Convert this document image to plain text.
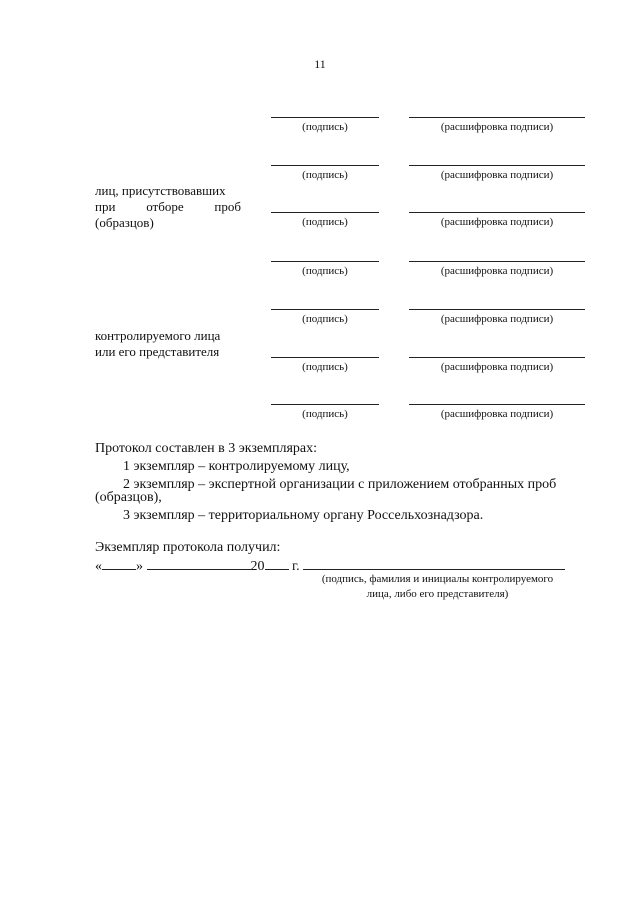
11
(подпись)	(расшифровка подписи)
(подпись)	(расшифровка подписи)
(подпись)	(расшифровка подписи)
(подпись)	(расшифровка подписи)
(подпись)	(расшифровка подписи)
(подпись)	(расшифровка подписи)
(подпись)	(расшифровка подписи)
лиц, присутствовавших
при отборе проб
(образцов)
контролируемого лица
или его представителя
Протокол составлен в 3 экземплярах:
1 экземпляр – контролируемому лицу,
2 экземпляр – экспертной организации с приложением отобранных проб
(образцов),
3 экземпляр – территориальному органу Россельхознадзора.
Экземпляр протокола получил:
« »	20 г.
(подпись, фамилия и инициалы контролируемого
лица, либо его представителя)
